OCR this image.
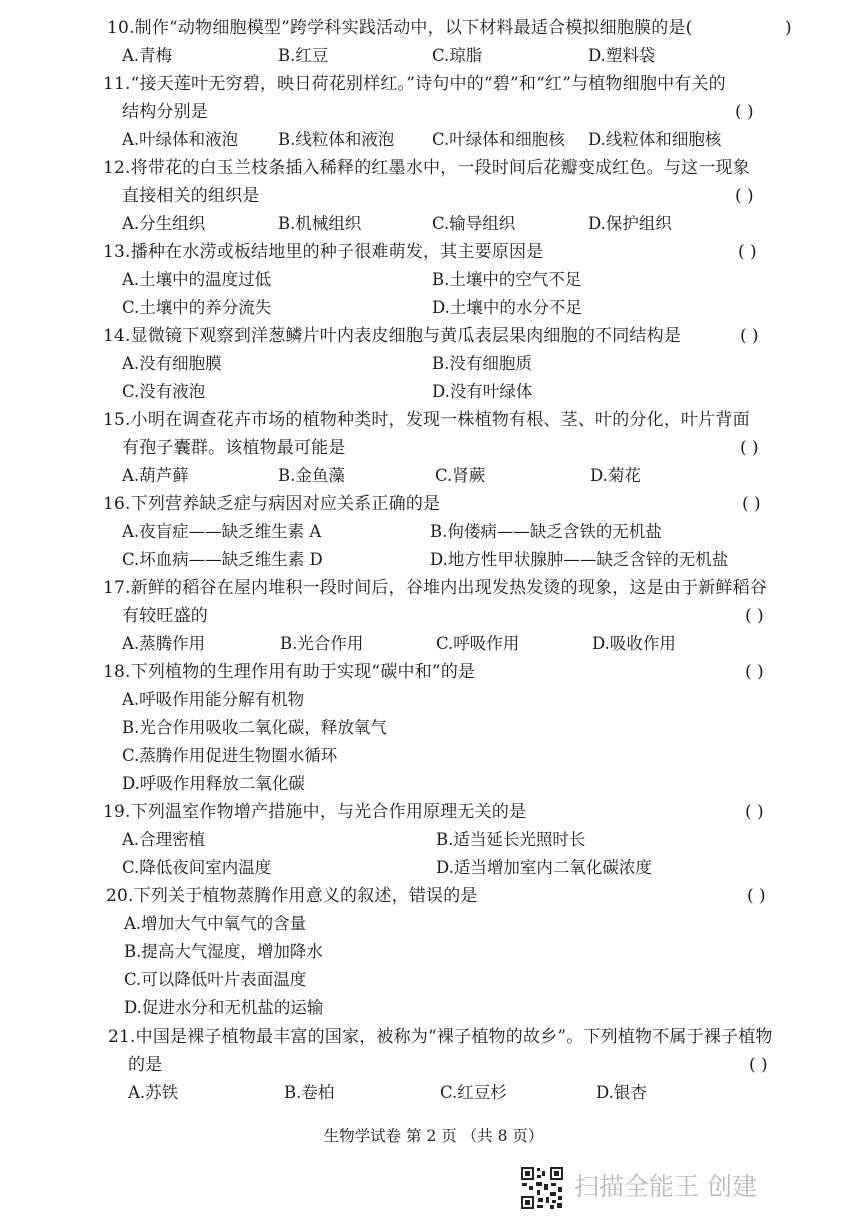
10.制作“动物细胞模型”跨学科实践活动中，以下材料最适合模拟细胞膜的是(	)
A.青梅	B.红豆	C.琼脂	D.塑料袋
11.“接天莲叶无穷碧，映日荷花别样红。”诗句中的“碧”和“红”与植物细胞中有关的
结构分别是	( )
A.叶绿体和液泡 B.线粒体和液泡 C.叶绿体和细胞核 D.线粒体和细胞核
12.将带花的白玉兰枝条插入稀释的红墨水中，一段时间后花瓣变成红色。与这一现象
直接相关的组织是	( )
A.分生组织	B.机械组织	C.输导组织	D.保护组织
13.播种在水涝或板结地里的种子很难萌发，其主要原因是	( )
A.土壤中的温度过低	B.土壤中的空气不足
C.土壤中的养分流失	D.土壤中的水分不足
14.显微镜下观察到洋葱鳞片叶内表皮细胞与黄瓜表层果肉细胞的不同结构是	( )
A.没有细胞膜	B.没有细胞质
C.没有液泡	D.没有叶绿体
15.小明在调查花卉市场的植物种类时，发现一株植物有根、茎、叶的分化，叶片背面
有孢子囊群。该植物最可能是	( )
A.葫芦藓	B.金鱼藻	C.肾蕨	D.菊花
16.下列营养缺乏症与病因对应关系正确的是	( )
A.夜盲症——缺乏维生素 A	B.佝偻病——缺乏含铁的无机盐
C.坏血病——缺乏维生素 D	D.地方性甲状腺肿——缺乏含锌的无机盐
17.新鲜的稻谷在屋内堆积一段时间后，谷堆内出现发热发烫的现象，这是由于新鲜稻谷
有较旺盛的	( )
A.蒸腾作用	B.光合作用	C.呼吸作用	D.吸收作用
18.下列植物的生理作用有助于实现“碳中和”的是	( )
A.呼吸作用能分解有机物
B.光合作用吸收二氧化碳，释放氧气
C.蒸腾作用促进生物圈水循环
D.呼吸作用释放二氧化碳
19.下列温室作物增产措施中，与光合作用原理无关的是	( )
A.合理密植	B.适当延长光照时长
C.降低夜间室内温度	D.适当增加室内二氧化碳浓度
20.下列关于植物蒸腾作用意义的叙述，错误的是	( )
A.增加大气中氧气的含量
B.提高大气湿度，增加降水
C.可以降低叶片表面温度
D.促进水分和无机盐的运输
21.中国是裸子植物最丰富的国家，被称为“裸子植物的故乡”。下列植物不属于裸子植物
的是	( )
A.苏铁	B.卷柏	C.红豆杉	D.银杏
生物学试卷 第 2 页 （共 8 页）
扫描全能王 创建
